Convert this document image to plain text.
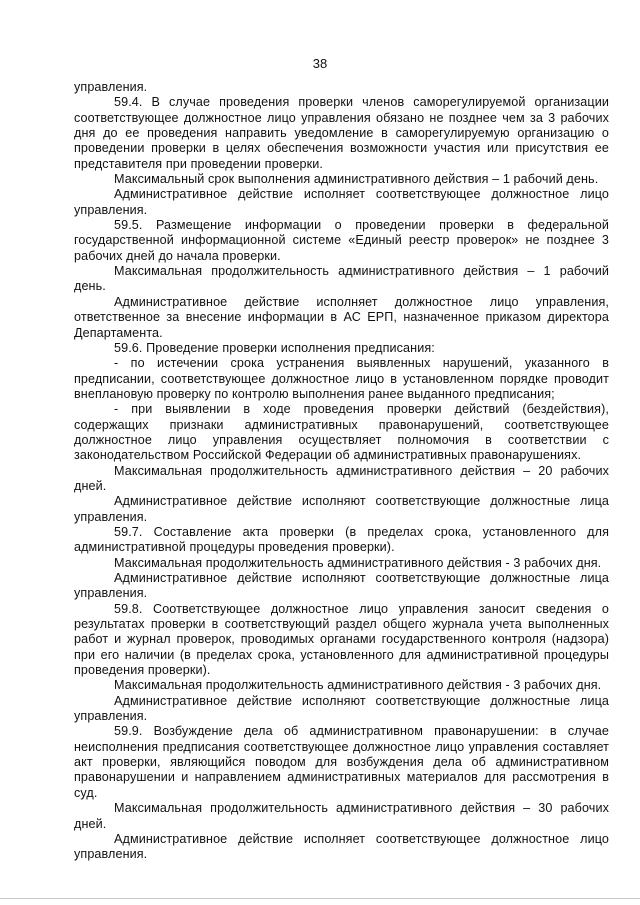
38

управления.

59.4. В случае проведения проверки членов саморегулируемой организации соответствующее должностное лицо управления обязано не позднее чем за 3 рабочих дня до ее проведения направить уведомление в саморегулируемую организацию о проведении проверки в целях обеспечения возможности участия или присутствия ее представителя при проведении проверки.

Максимальный срок выполнения административного действия – 1 рабочий день.

Административное действие исполняет соответствующее должностное лицо управления.

59.5. Размещение информации о проведении проверки в федеральной государственной информационной системе «Единый реестр проверок» не позднее 3 рабочих дней до начала проверки.

Максимальная продолжительность административного действия – 1 рабочий день.

Административное действие исполняет должностное лицо управления, ответственное за внесение информации в АС ЕРП, назначенное приказом директора Департамента.

59.6. Проведение проверки исполнения предписания:

- по истечении срока устранения выявленных нарушений, указанного в предписании, соответствующее должностное лицо в установленном порядке проводит внеплановую проверку по контролю выполнения ранее выданного предписания;

- при выявлении в ходе проведения проверки действий (бездействия), содержащих признаки административных правонарушений, соответствующее должностное лицо управления осуществляет полномочия в соответствии с законодательством Российской Федерации об административных правонарушениях.

Максимальная продолжительность административного действия – 20 рабочих дней.

Административное действие исполняют соответствующие должностные лица управления.

59.7. Составление акта проверки (в пределах срока, установленного для административной процедуры проведения проверки).

Максимальная продолжительность административного действия - 3 рабочих дня.

Административное действие исполняют соответствующие должностные лица управления.

59.8. Соответствующее должностное лицо управления заносит сведения о результатах проверки в соответствующий раздел общего журнала учета выполненных работ и журнал проверок, проводимых органами государственного контроля (надзора) при его наличии (в пределах срока, установленного для административной процедуры проведения проверки).

Максимальная продолжительность административного действия - 3 рабочих дня.

Административное действие исполняют соответствующие должностные лица управления.

59.9. Возбуждение дела об административном правонарушении: в случае неисполнения предписания соответствующее должностное лицо управления составляет акт проверки, являющийся поводом для возбуждения дела об административном правонарушении и направлением административных материалов для рассмотрения в суд.

Максимальная продолжительность административного действия – 30 рабочих дней.

Административное действие исполняет соответствующее должностное лицо управления.
